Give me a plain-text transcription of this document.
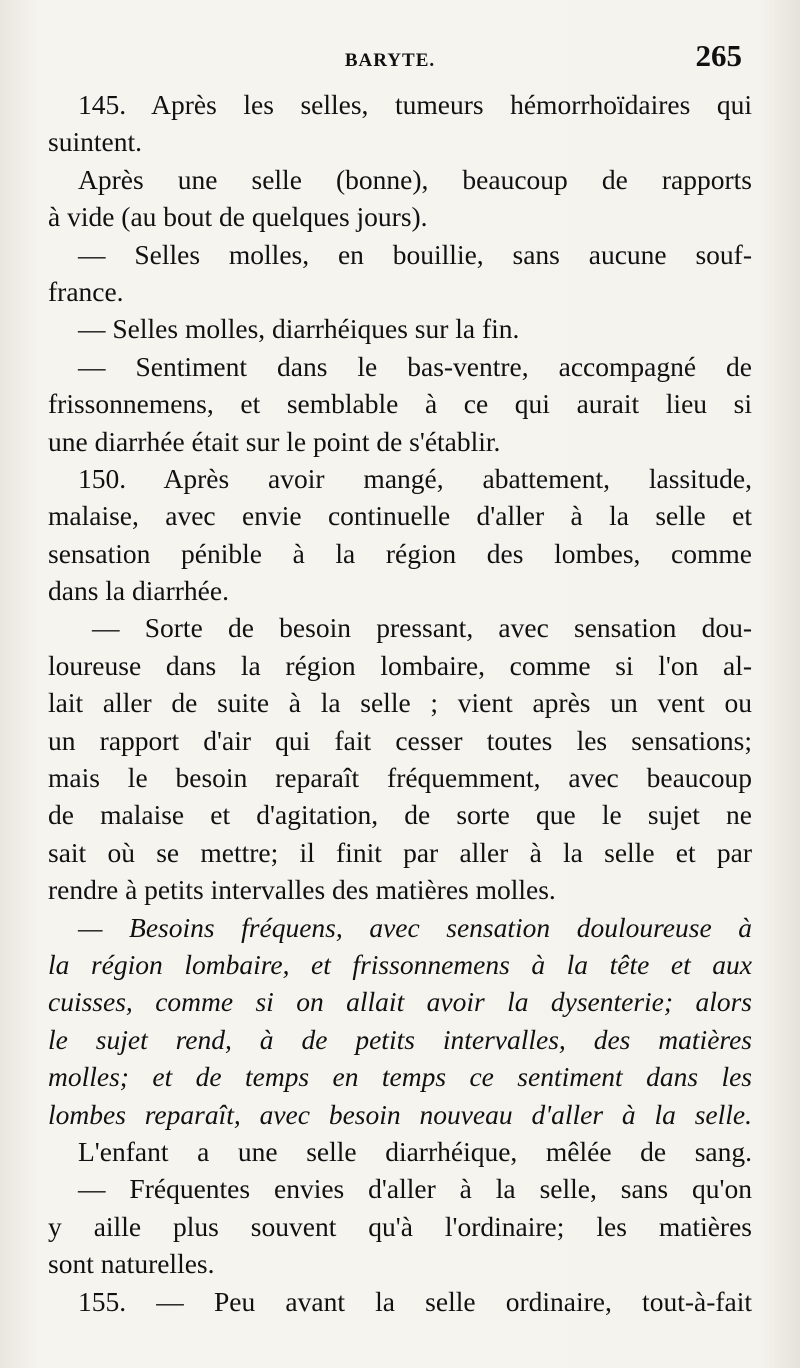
BARYTE.	265
145. Après les selles, tumeurs hémorrhoïdaires qui
suintent.
Après une selle (bonne), beaucoup de rapports
à vide (au bout de quelques jours).
— Selles molles, en bouillie, sans aucune souf-
france.
— Selles molles, diarrhéiques sur la fin.
— Sentiment dans le bas-ventre, accompagné de
frissonnemens, et semblable à ce qui aurait lieu si
une diarrhée était sur le point de s'établir.
150. Après avoir mangé, abattement, lassitude,
malaise, avec envie continuelle d'aller à la selle et
sensation pénible à la région des lombes, comme
dans la diarrhée.
— Sorte de besoin pressant, avec sensation dou-
loureuse dans la région lombaire, comme si l'on al-
lait aller de suite à la selle ; vient après un vent ou
un rapport d'air qui fait cesser toutes les sensations;
mais le besoin reparaît fréquemment, avec beaucoup
de malaise et d'agitation, de sorte que le sujet ne
sait où se mettre; il finit par aller à la selle et par
rendre à petits intervalles des matières molles.
— Besoins fréquens, avec sensation douloureuse à
la région lombaire, et frissonnemens à la tête et aux
cuisses, comme si on allait avoir la dysenterie; alors
le sujet rend, à de petits intervalles, des matières
molles; et de temps en temps ce sentiment dans les
lombes reparaît, avec besoin nouveau d'aller à la selle.
L'enfant a une selle diarrhéique, mêlée de sang.
— Fréquentes envies d'aller à la selle, sans qu'on
y aille plus souvent qu'à l'ordinaire; les matières
sont naturelles.
155. — Peu avant la selle ordinaire, tout-à-fait
